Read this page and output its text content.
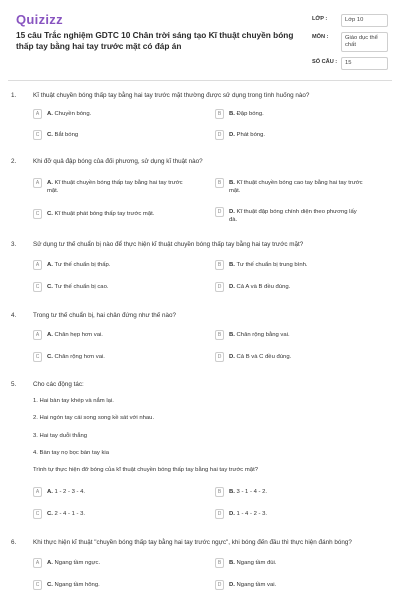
Quizizz
15 câu Trắc nghiệm GDTC 10 Chân trời sáng tạo Kĩ thuật chuyền bóng thấp tay bằng hai tay trước mặt có đáp án
LỚP :	Lớp 10
MÔN :	Giáo dục thể chất
SỐ CÂU :	15
1.	Kĩ thuật chuyền bóng thấp tay bằng hai tay trước mặt thường được sử dụng trong tình huống nào?
A	A. Chuyền bóng.	B	B. Đập bóng.
C	C. Bắt bóng	D	D. Phát bóng.
2.	Khi đỡ quả đập bóng của đối phương, sử dụng kĩ thuật nào?
A	A. Kĩ thuật chuyền bóng thấp tay bằng hai tay trước mặt.
B	B. Kĩ thuật chuyền bóng cao tay bằng hai tay trước mặt.
C	C. Kĩ thuật phát bóng thấp tay trước mặt.	D	D. Kĩ thuật đập bóng chính diện theo phương lấy đà.
3.	Sử dụng tư thế chuẩn bị nào để thực hiện kĩ thuật chuyền bóng thấp tay bằng hai tay trước mặt?
A	A. Tư thế chuẩn bị thấp.	B	B. Tư thế chuẩn bị trung bình.
C	C. Tư thế chuẩn bị cao.	D	D. Cả A và B đều đúng.
4.	Trong tư thế chuẩn bị, hai chân đứng như thế nào?
A	A. Chân hẹp hơn vai.	B	B. Chân rộng bằng vai.
C	C. Chân rộng hơn vai.	D	D. Cả B và C đều đúng.
5.	Cho các động tác:
1. Hai bàn tay khép và nắm lại.
2. Hai ngón tay cái song song kề sát với nhau.
3. Hai tay duỗi thẳng
4. Bàn tay nọ bọc bàn tay kia
Trình tự thực hiện đỡ bóng của kĩ thuật chuyền bóng thấp tay bằng hai tay trước mặt?
A	A. 1 - 2 - 3 - 4.	B	B. 3 - 1 - 4 - 2.
C	C. 2 - 4 - 1 - 3.	D	D. 1 - 4 - 2 - 3.
6.	Khi thực hiện kĩ thuật "chuyền bóng thấp tay bằng hai tay trước ngực", khi bóng đến đầu thì thực hiện đánh bóng?
A	A. Ngang tầm ngực.	B	B. Ngang tầm đùi.
C	C. Ngang tầm hông.	D	D. Ngang tầm vai.
